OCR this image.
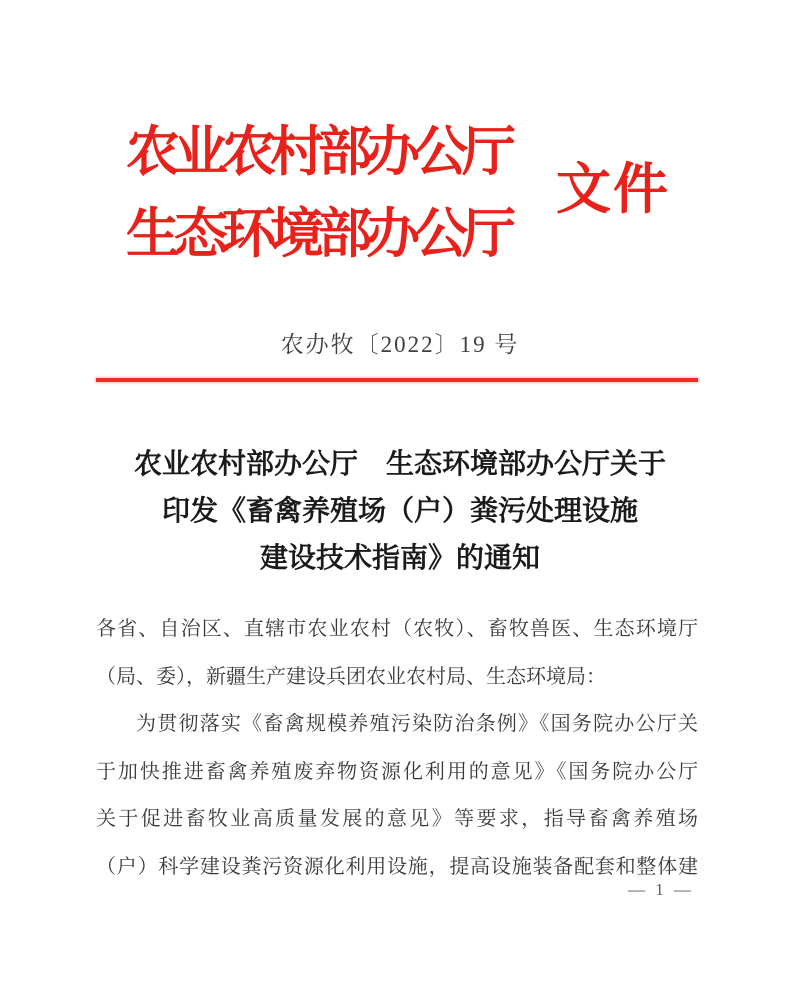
农业农村部办公厅
生态环境部办公厅
文件
农办牧〔2022〕19 号
农业农村部办公厅　生态环境部办公厅关于
印发《畜禽养殖场（户）粪污处理设施
建设技术指南》的通知
各省、自治区、直辖市农业农村（农牧）、畜牧兽医、生态环境厅
（局、委），新疆生产建设兵团农业农村局、生态环境局：
为贯彻落实《畜禽规模养殖污染防治条例》《国务院办公厅关
于加快推进畜禽养殖废弃物资源化利用的意见》《国务院办公厅
关于促进畜牧业高质量发展的意见》等要求，指导畜禽养殖场
（户）科学建设粪污资源化利用设施，提高设施装备配套和整体建
— 1 —
